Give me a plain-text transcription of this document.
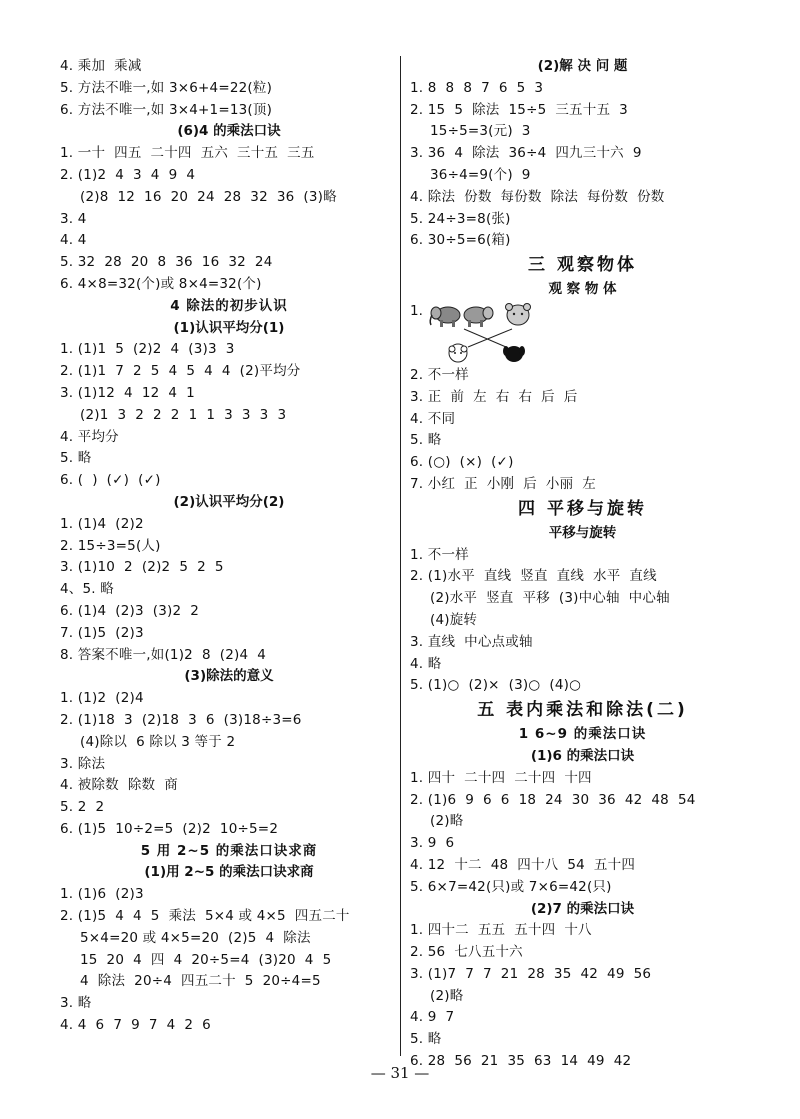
4. 乘加  乘减
5. 方法不唯一,如 3×6+4=22(粒)
6. 方法不唯一,如 3×4+1=13(顶)
(6)4 的乘法口诀
1. 一十  四五  二十四  五六  三十五  三五
2. (1)2  4  3  4  9  4
(2)8  12  16  20  24  28  32  36  (3)略
3. 4
4. 4
5. 32  28  20  8  36  16  32  24
6. 4×8=32(个)或 8×4=32(个)
4 除法的初步认识
(1)认识平均分(1)
1. (1)1  5  (2)2  4  (3)3  3
2. (1)1  7  2  5  4  5  4  4  (2)平均分
3. (1)12  4  12  4  1
(2)1  3  2  2  2  1  1  3  3  3  3
4. 平均分
5. 略
6. (  )  (✓)  (✓)
(2)认识平均分(2)
1. (1)4  (2)2
2. 15÷3=5(人)
3. (1)10  2  (2)2  5  2  5
4、5. 略
6. (1)4  (2)3  (3)2  2
7. (1)5  (2)3
8. 答案不唯一,如(1)2  8  (2)4  4
(3)除法的意义
1. (1)2  (2)4
2. (1)18  3  (2)18  3  6  (3)18÷3=6
(4)除以  6 除以 3 等于 2
3. 除法
4. 被除数  除数  商
5. 2  2
6. (1)5  10÷2=5  (2)2  10÷5=2
5 用 2~5 的乘法口诀求商
(1)用 2~5 的乘法口诀求商
1. (1)6  (2)3
2. (1)5  4  4  5  乘法  5×4 或 4×5  四五二十
5×4=20 或 4×5=20  (2)5  4  除法
15  20  4  四  4  20÷5=4  (3)20  4  5
4  除法  20÷4  四五二十  5  20÷4=5
3. 略
4. 4  6  7  9  7  4  2  6
(2)解 决 问 题
1. 8  8  8  7  6  5  3
2. 15  5  除法  15÷5  三五十五  3
15÷5=3(元)  3
3. 36  4  除法  36÷4  四九三十六  9
36÷4=9(个)  9
4. 除法  份数  每份数  除法  每份数  份数
5. 24÷3=8(张)
6. 30÷5=6(箱)
三 观察物体
观 察 物 体
1.
2. 不一样
3. 正  前  左  右  右  后  后
4. 不同
5. 略
6. (○)  (×)  (✓)
7. 小红  正  小刚  后  小丽  左
四 平移与旋转
平移与旋转
1. 不一样
2. (1)水平  直线  竖直  直线  水平  直线
(2)水平  竖直  平移  (3)中心轴  中心轴
(4)旋转
3. 直线  中心点或轴
4. 略
5. (1)○  (2)×  (3)○  (4)○
五 表内乘法和除法(二)
1 6~9 的乘法口诀
(1)6 的乘法口诀
1. 四十  二十四  二十四  十四
2. (1)6  9  6  6  18  24  30  36  42  48  54
(2)略
3. 9  6
4. 12  十二  48  四十八  54  五十四
5. 6×7=42(只)或 7×6=42(只)
(2)7 的乘法口诀
1. 四十二  五五  五十四  十八
2. 56  七八五十六
3. (1)7  7  7  21  28  35  42  49  56
(2)略
4. 9  7
5. 略
6. 28  56  21  35  63  14  49  42
— 31 —
